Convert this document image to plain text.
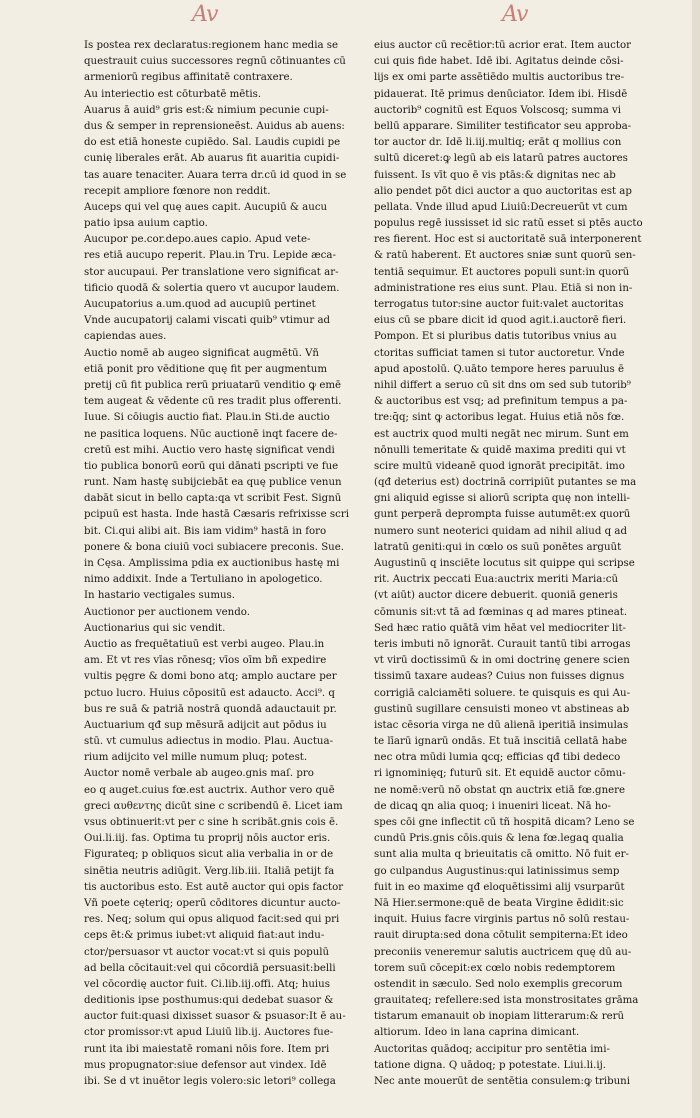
Av	Av
Is postea rex declaratus:regionem hanc media se
questrauit cuius successores regnū cōtinuantes cū
armeniorū regibus affinitatē contraxere.
Au interiectio est cōturbatē mētis.
Auarus ā auid⁹ gris est:& nimium pecunie cupi-
dus & semper in reprensioneēst. Auidus ab auens:
do est etiā honeste cupiēdo. Sal. Laudis cupidi pe
cunię liberales erāt. Ab auarus fit auaritia cupidi-
tas auare tenaciter. Auara terra dr.cū id quod in se
recepit ampliore fœnore non reddit.
Auceps qui vel quę aues capit. Aucupiū & aucu
patio ipsa auium captio.
Aucupor pe.cor.depo.aues capio. Apud vete-
res etiā aucupo reperit. Plau.in Tru. Lepide æca-
stor aucupaui. Per translatione vero significat ar-
tificio quodā & solertia quero vt aucupor laudem.
Aucupatorius a.um.quod ad aucupiū pertinet
Vnde aucupatorij calami viscati quib⁹ vtimur ad
capiendas aues.
Auctio nomē ab augeo significat augmētū. Vñ
etiā ponit pro vēditione quę fit per augmentum
pretij cū fit publica rerū priuatarū venditio ꝙ emē
tem augeat & vēdente cū res tradit plus offerenti.
Iuue. Si cōiugis auctio fiat. Plau.in Sti.de auctio
ne pasitica loquens. Nūc auctionē inqt facere de-
cretū est mihi. Auctio vero hastę significat vendi
tio publica bonorū eorū qui dānati pscripti ve fue
runt. Nam hastę subijciebāt ea quę publice venun
dabāt sicut in bello capta:qa vt scribit Fest. Signū
pcipuū est hasta. Inde hastā Cæsaris refrixisse scri
bit. Ci.qui alibi ait. Bis iam vidim⁹ hastā in foro
ponere & bona ciuiū voci subiacere preconis. Sue.
in Cęsa. Amplissima pdia ex auctionibus hastę mi
nimo addixit. Inde a Tertuliano in apologetico.
In hastario vectigales sumus.
Auctionor per auctionem vendo.
Auctionarius qui sic vendit.
Auctio as frequētatiuū est verbi augeo. Plau.in
am. Et vt res vīas rōnesq; vīos oīm bñ expedire
vultis pęgre & domi bono atq; amplo auctare per
pctuo lucro. Huius cōpositū est adaucto. Acci⁹. q
bus re suā & patriā nostrā quondā adauctauit pr.
Auctuarium qđ sup mēsurā adijcit aut pōdus iu
stū. vt cumulus adiectus in modio. Plau. Auctua-
rium adijcito vel mille numum pluq; potest.
Auctor nomē verbale ab augeo.gnis maſ. pro
eo q auget.cuius fœ.est auctrix. Author vero quē
greci αυθεντης dicūt sine c scribendū ē. Licet iam
vsus obtinuerit:vt per c sine h scribāt.gnis cois ē.
Oui.li.iij. fas. Optima tu proprij nōis auctor eris.
Figurateq; p obliquos sicut alia verbalia in or de
sinētia neutris adiūgit. Verg.lib.iii. Italiā petijt fa
tis auctoribus esto. Est autē auctor qui opis factor
Vñ poete cęteriq; operū cōditores dicuntur aucto-
res. Neq; solum qui opus aliquod facit:sed qui pri
ceps ēt:& primus iubet:vt aliquid fiat:aut indu-
ctor/persuasor vt auctor vocat:vt si quis populū
ad bella cōcitauit:vel qui cōcordiā persuasit:belli
vel cōcordię auctor fuit. Ci.lib.iij.offi. Atq; huius
deditionis ipse posthumus:qui dedebat suasor &
auctor fuit:quasi dixisset suasor & psuasor:It ē au-
ctor promissor:vt apud Liuiū lib.ij. Auctores fue-
runt ita ibi maiestatē romani nōis fore. Item pri
mus propugnator:siue defensor aut vindex. Idē
ibi. Se d vt inuētor legis volero:sic letori⁹ collega
eius auctor cū recētior:tū acrior erat. Item auctor
cui quis fide habet. Idē ibi. Agitatus deinde cōsi-
lijs ex omi parte assētiēdo multis auctoribus tre-
pidauerat. Itē primus denūciator. Idem ibi. Hisdē
auctorib⁹ cognitū est Equos Volscosq; summa vi
bellū apparare. Similiter testificator seu approba-
tor auctor dr. Idē li.iij.multiq; erāt q mollius con
sultū diceret:ꝙ legū ab eis latarū patres auctores
fuissent. Is vīt quo ē vis ptās:& dignitas nec ab
alio pendet pōt dici auctor a quo auctoritas est ap
pellata. Vnde illud apud Liuiū:Decreuerūt vt cum
populus regē iussisset id sic ratū esset si ptēs aucto
res fierent. Hoc est si auctoritatē suā interponerent
& ratū haberent. Et auctores sniæ sunt quorū sen-
tentiā sequimur. Et auctores populi sunt:in quorū
administratione res eius sunt. Plau. Etiā si non in-
terrogatus tutor:sine auctor fuit:valet auctoritas
eius cū se pbare dicit id quod agit.i.auctorē fieri.
Pompon. Et si pluribus datis tutoribus vnius au
ctoritas sufficiat tamen si tutor auctoretur. Vnde
apud apostolū. Q.uāto tempore heres paruulus ē
nihil differt a seruo cū sit dns om sed sub tutorib⁹
& auctoribus est vsq; ad prefinitum tempus a pa-
tre:q̄q; sint ꝙ actoribus legat. Huius etiā nōs fœ.
est auctrix quod multi negāt nec mirum. Sunt em
nōnulli temeritate & quidē maxima prediti qui vt
scire multū videanē quod ignorāt precipitāt. imo
(qđ deterius est) doctrinā corripiūt putantes se ma
gni aliquid egisse si aliorū scripta quę non intelli-
gunt perperā deprompta fuisse autumēt:ex quorū
numero sunt neoterici quidam ad nihil aliud q ad
latratū geniti:qui in cœlo os suū ponētes arguūt
Augustinū q insciēte locutus sit quippe qui scripse
rit. Auctrix peccati Eua:auctrix meriti Maria:cū
(vt aiūt) auctor dicere debuerit. quoniā generis
cōmunis sit:vt tā ad fœminas q ad mares ptineat.
Sed hæc ratio quātā vim hēat vel mediocriter lit-
teris imbuti nō ignorāt. Curauit tantū tibi arrogas
vt virū doctissimū & in omi doctrinę genere scien
tissimū taxare audeas? Cuius non fuisses dignus
corrigiā calciamēti soluere. te quisquis es qui Au-
gustinū sugillare censuisti moneo vt abstineas ab
istac cēsoria virga ne dū alienā iperitiā insimulas
te līarū ignarū ondās. Et tuā inscitiā cellatā habe
nec otra mūdi lumia ꝗcq; efficias qđ tibi dedeco
ri ignominięq; futurū sit. Et equidē auctor cōmu-
ne nomē:verū nō obstat qn auctrix etiā fœ.gnere
de dicaꝗ ꝗn alia quoq; i inueniri liceat. Nā ho-
spes cōi gne inflectit cū tñ hospitā dicam? Leno se
cundū Pris.gnis cōis.quis & lena fœ.legaꝗ qualia
sunt alia multa q brieuitatis cā omitto. Nō fuit er-
go culpandus Augustinus:qui latinissimus semp
fuit in eo maxime qđ eloquētissimi alij vsurparūt
Nā Hier.sermone:quē de beata Virgine ēdidit:sic
inquit. Huius facre virginis partus nō solū restau-
rauit dirupta:sed dona cōtulit sempiterna:Et ideo
preconiis veneremur salutis auctricem quę dū au-
torem suū cōcepit:ex cœlo nobis redemptorem
ostendit in sæculo. Sed nolo exemplis grecorum
grauitateq; refellere:sed ista monstrositates grāma
tistarum emanauit ob inopiam litterarum:& rerū
altiorum. Ideo in lana caprina dimicant.
Auctoritas quādoq; accipitur pro sentētia imi-
tatione digna. Q uādoq; p potestate. Liui.li.ij.
Nec ante mouerūt de sentētia consulem:ꝙ tribuni
